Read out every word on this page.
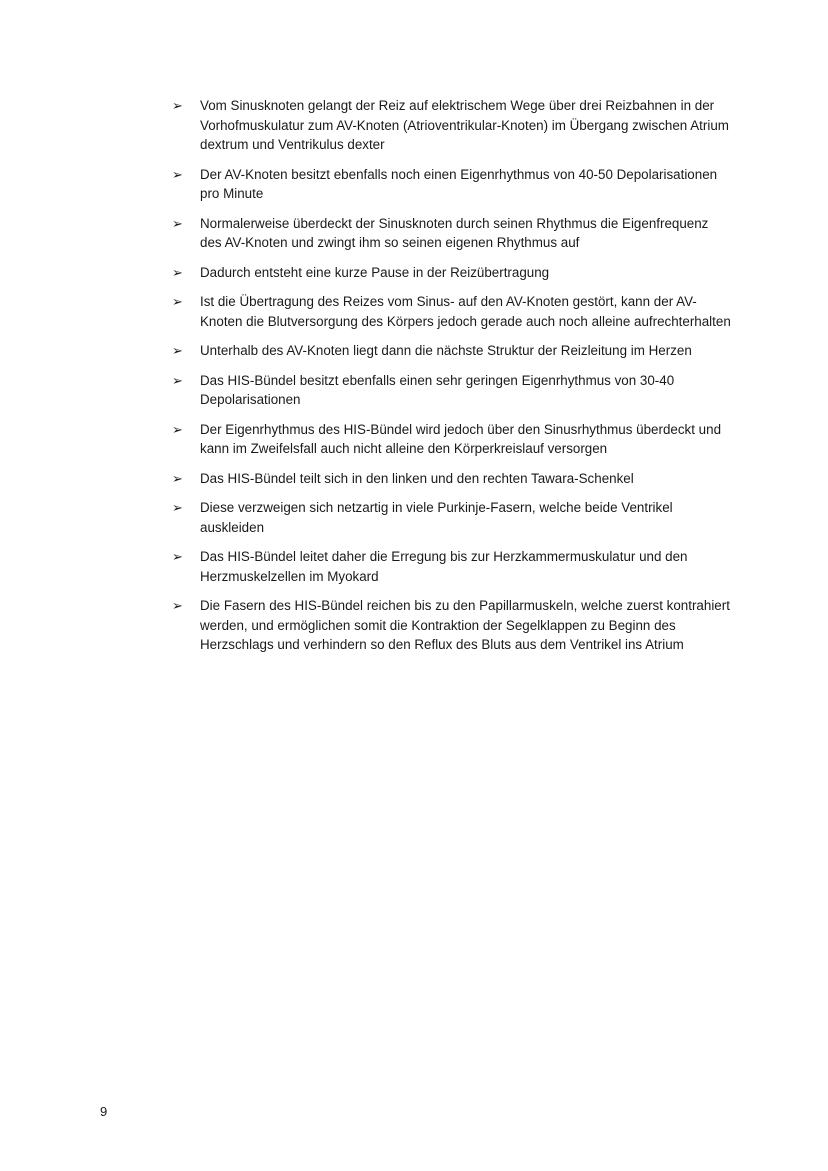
➢ Vom Sinusknoten gelangt der Reiz auf elektrischem Wege über drei Reizbahnen in der Vorhofmuskulatur zum AV-Knoten (Atrioventrikular-Knoten) im Übergang zwischen Atrium dextrum und Ventrikulus dexter
➢ Der AV-Knoten besitzt ebenfalls noch einen Eigenrhythmus von 40-50 Depolarisationen pro Minute
➢ Normalerweise überdeckt der Sinusknoten durch seinen Rhythmus die Eigenfrequenz des AV-Knoten und zwingt ihm so seinen eigenen Rhythmus auf
➢ Dadurch entsteht eine kurze Pause in der Reizübertragung
➢ Ist die Übertragung des Reizes vom Sinus- auf den AV-Knoten gestört, kann der AV-Knoten die Blutversorgung des Körpers jedoch gerade auch noch alleine aufrechterhalten
➢ Unterhalb des AV-Knoten liegt dann die nächste Struktur der Reizleitung im Herzen
➢ Das HIS-Bündel besitzt ebenfalls einen sehr geringen Eigenrhythmus von 30-40 Depolarisationen
➢ Der Eigenrhythmus des HIS-Bündel wird jedoch über den Sinusrhythmus überdeckt und kann im Zweifelsfall auch nicht alleine den Körperkreislauf versorgen
➢ Das HIS-Bündel teilt sich in den linken und den rechten Tawara-Schenkel
➢ Diese verzweigen sich netzartig in viele Purkinje-Fasern, welche beide Ventrikel auskleiden
➢ Das HIS-Bündel leitet daher die Erregung bis zur Herzkammermuskulatur und den Herzmuskelzellen im Myokard
➢ Die Fasern des HIS-Bündel reichen bis zu den Papillarmuskeln, welche zuerst kontrahiert werden, und ermöglichen somit die Kontraktion der Segelklappen zu Beginn des Herzschlags und verhindern so den Reflux des Bluts aus dem Ventrikel ins Atrium
9
